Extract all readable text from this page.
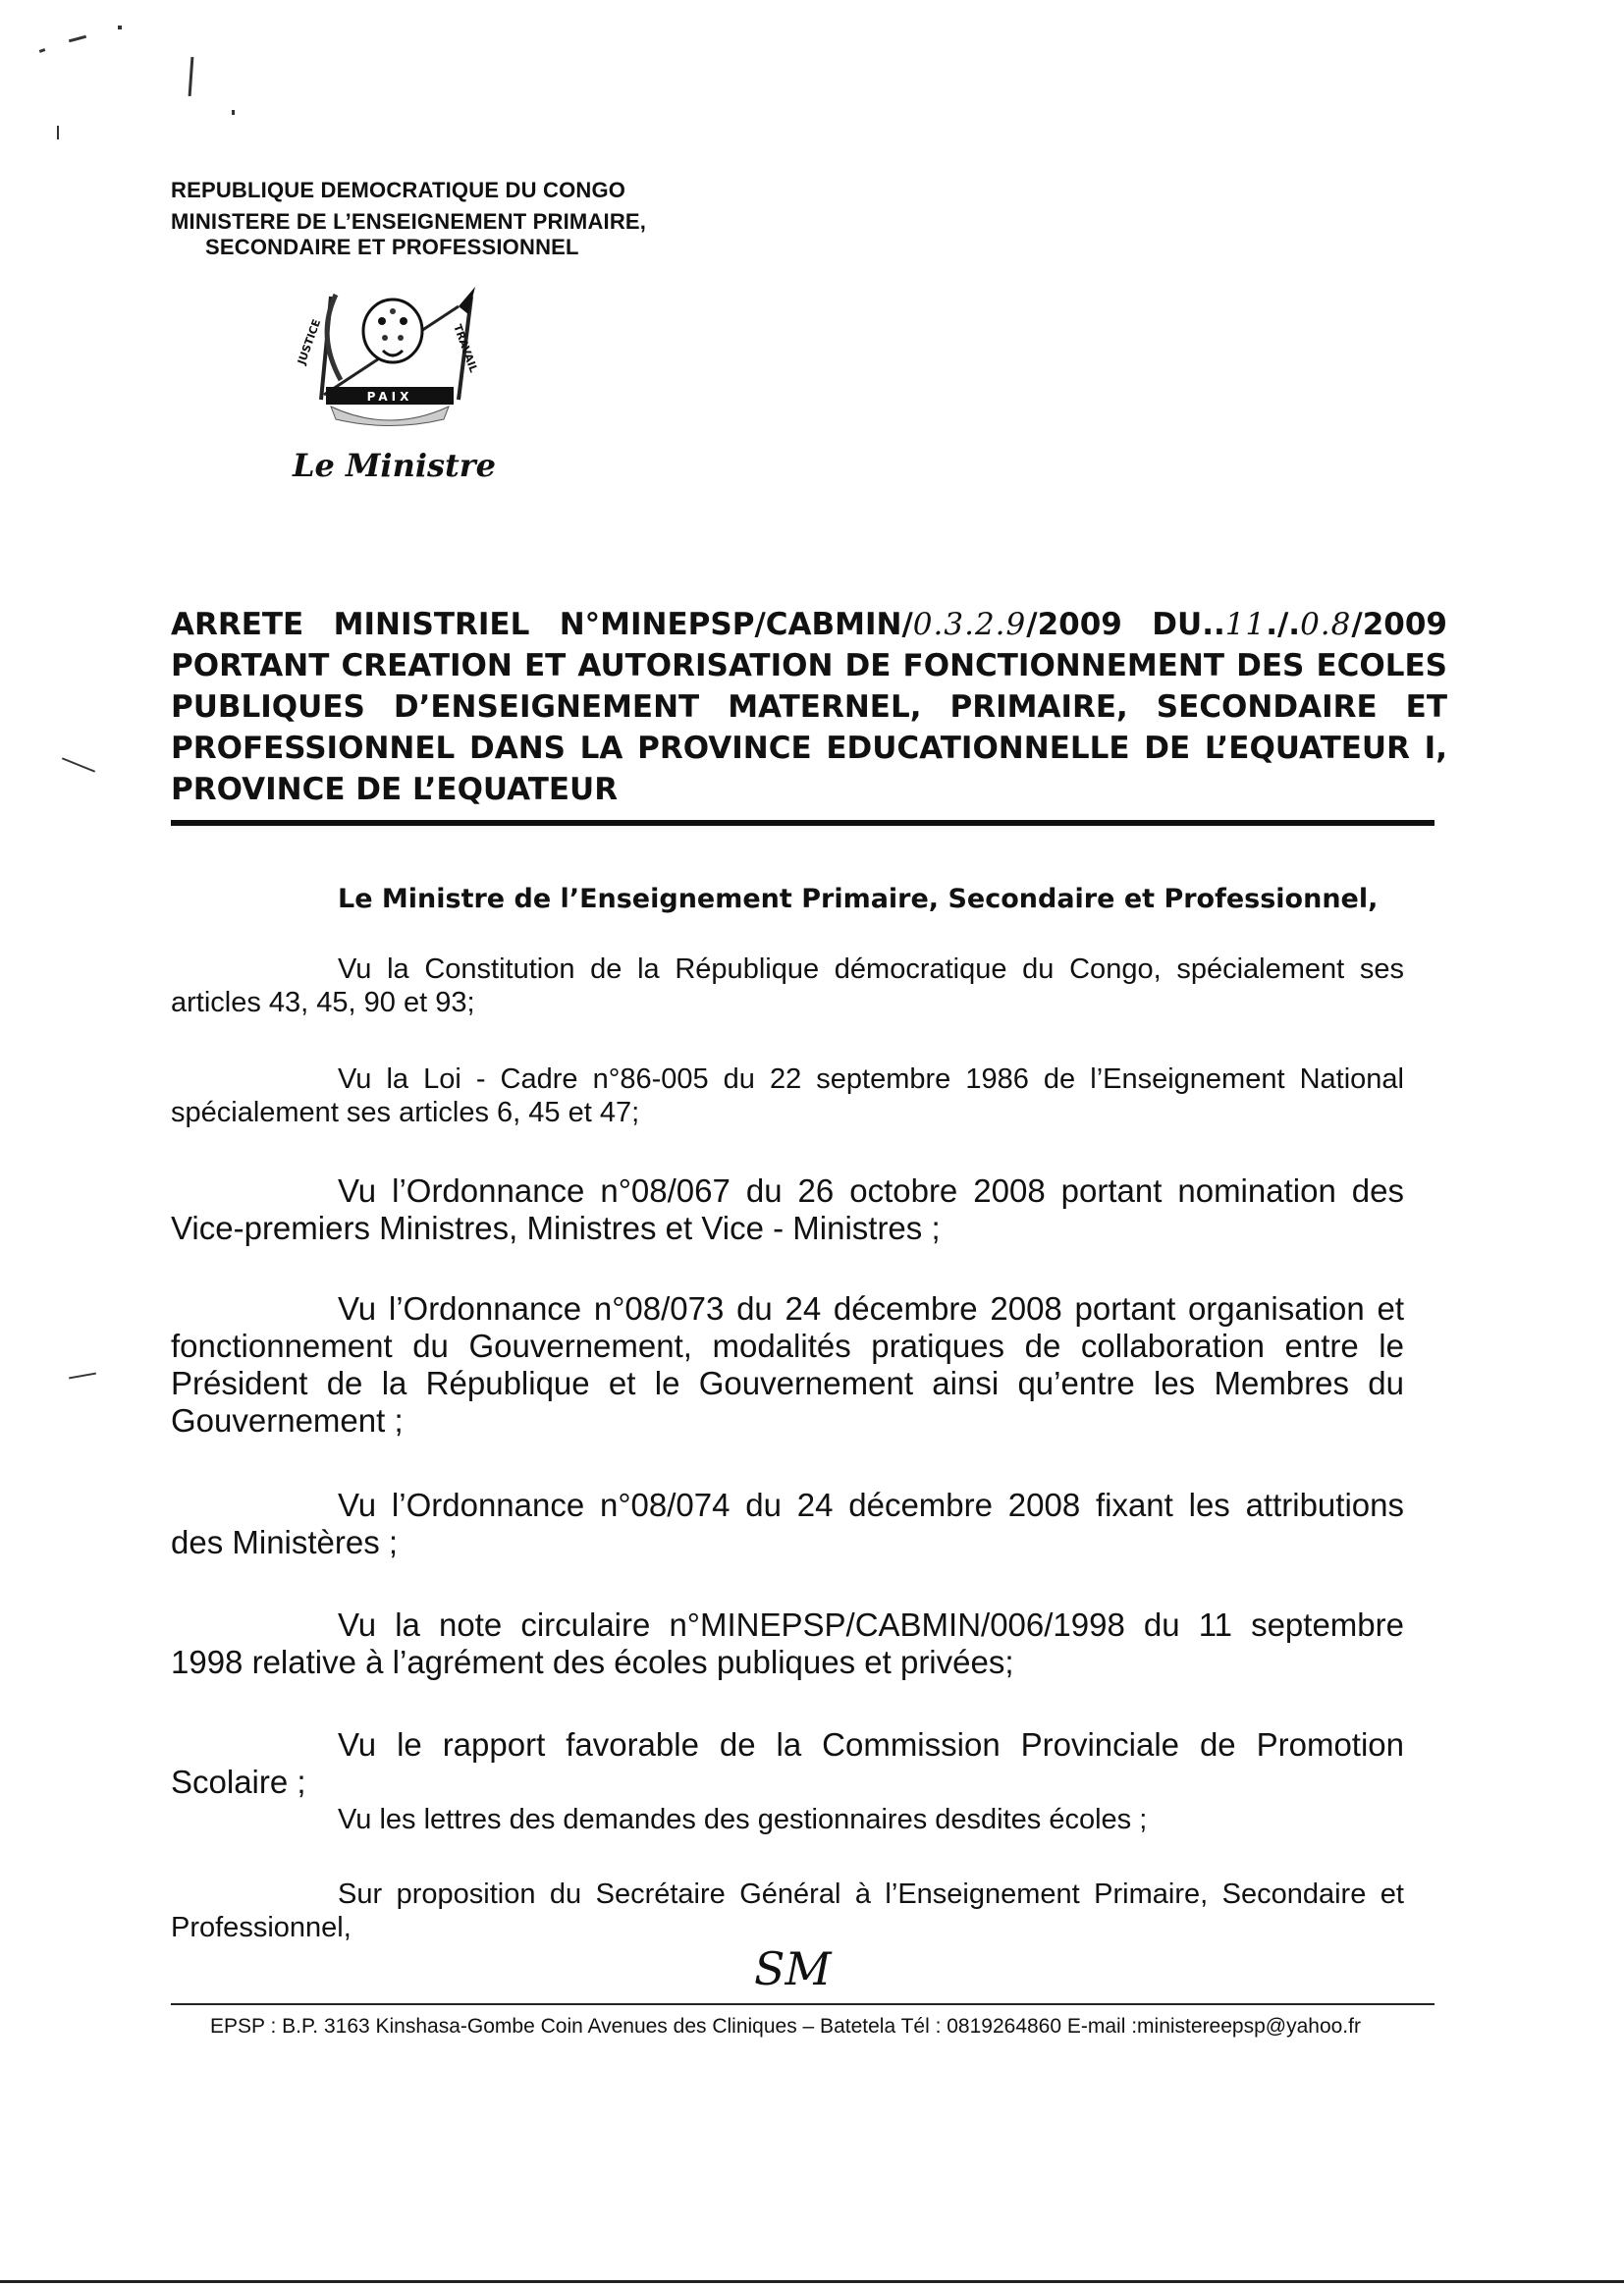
REPUBLIQUE DEMOCRATIQUE DU CONGO
MINISTERE DE L’ENSEIGNEMENT PRIMAIRE,
SECONDAIRE ET PROFESSIONNEL
JUSTICE	TRAVAIL
PAIX
Le Ministre
ARRETE MINISTRIEL N°MINEPSP/CABMIN/0.3.2.9/2009 DU..11./.0.8/2009
PORTANT CREATION ET AUTORISATION DE FONCTIONNEMENT DES ECOLES
PUBLIQUES D’ENSEIGNEMENT MATERNEL, PRIMAIRE, SECONDAIRE ET
PROFESSIONNEL DANS LA PROVINCE EDUCATIONNELLE DE L’EQUATEUR I,
PROVINCE DE L’EQUATEUR
Le Ministre de l’Enseignement Primaire, Secondaire et Professionnel,
Vu la Constitution de la République démocratique du Congo, spécialement ses articles 43, 45, 90 et 93;
Vu la Loi - Cadre n°86-005 du 22 septembre 1986 de l’Enseignement National spécialement ses articles 6, 45 et 47;
Vu l’Ordonnance n°08/067 du 26 octobre 2008 portant nomination des Vice-premiers Ministres, Ministres et Vice - Ministres ;
Vu l’Ordonnance n°08/073 du 24 décembre 2008 portant organisation et fonctionnement du Gouvernement, modalités pratiques de collaboration entre le Président de la République et le Gouvernement ainsi qu’entre les Membres du Gouvernement ;
Vu l’Ordonnance n°08/074 du 24 décembre 2008 fixant les attributions des Ministères ;
Vu la note circulaire n°MINEPSP/CABMIN/006/1998 du 11 septembre 1998 relative à l’agrément des écoles publiques et privées;
Vu le rapport favorable de la Commission Provinciale de Promotion Scolaire ;
Vu les lettres des demandes des gestionnaires desdites écoles ;
Sur proposition du Secrétaire Général à l’Enseignement Primaire, Secondaire et Professionnel,
SM
EPSP : B.P. 3163 Kinshasa-Gombe Coin Avenues des Cliniques – Batetela Tél : 0819264860 E-mail :ministereepsp@yahoo.fr
